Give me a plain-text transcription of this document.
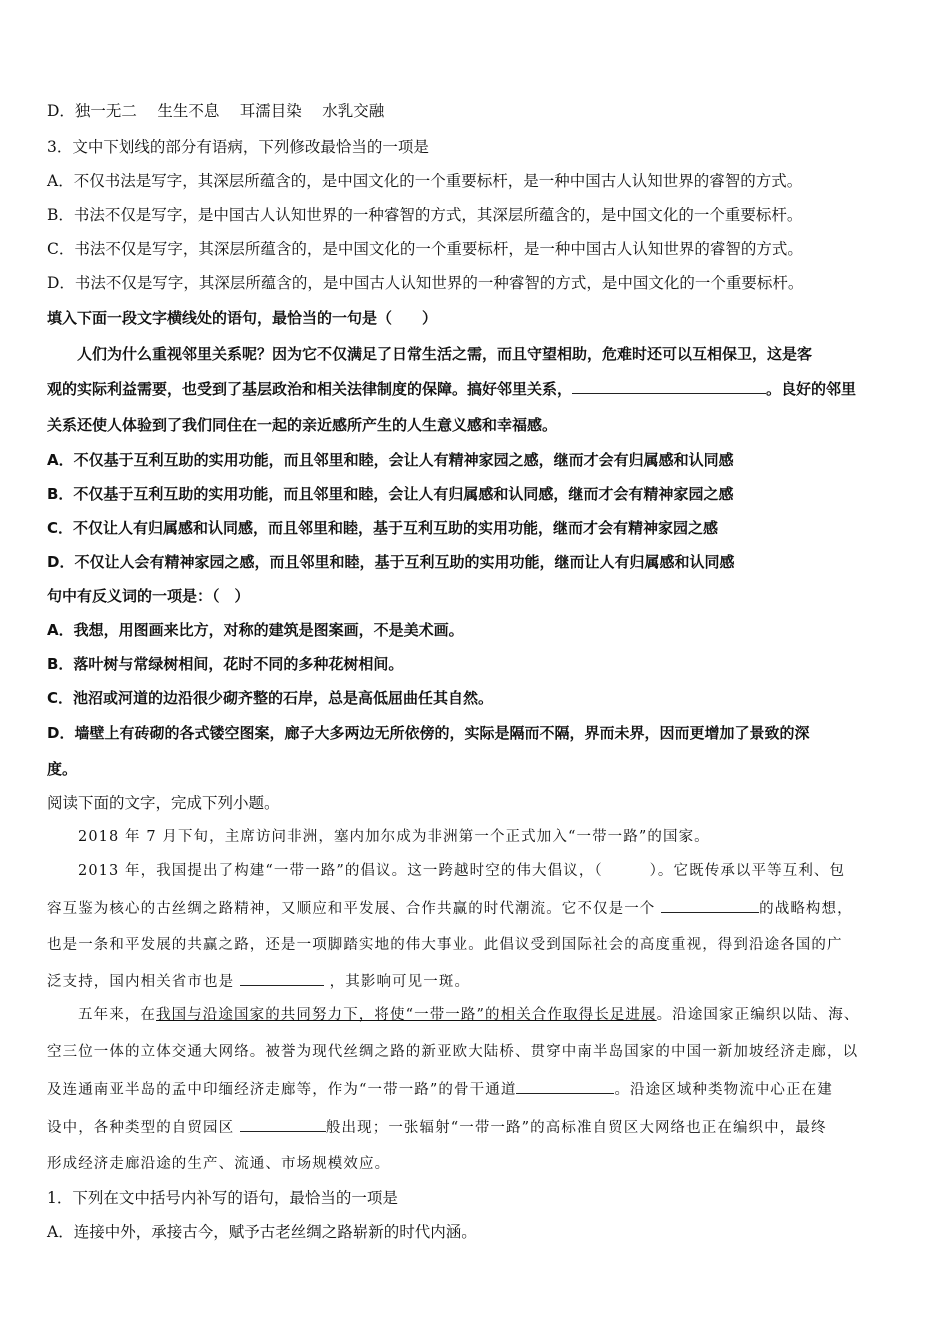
D．独一无二　 生生不息　 耳濡目染　 水乳交融
3．文中下划线的部分有语病，下列修改最恰当的一项是
A．不仅书法是写字，其深层所蕴含的，是中国文化的一个重要标杆，是一种中国古人认知世界的睿智的方式。
B．书法不仅是写字，是中国古人认知世界的一种睿智的方式，其深层所蕴含的，是中国文化的一个重要标杆。
C．书法不仅是写字，其深层所蕴含的，是中国文化的一个重要标杆，是一种中国古人认知世界的睿智的方式。
D．书法不仅是写字，其深层所蕴含的，是中国古人认知世界的一种睿智的方式，是中国文化的一个重要标杆。
填入下面一段文字横线处的语句，最恰当的一句是（　　）
人们为什么重视邻里关系呢？因为它不仅满足了日常生活之需，而且守望相助，危难时还可以互相保卫，这是客
观的实际利益需要，也受到了基层政治和相关法律制度的保障。搞好邻里关系，	。良好的邻里
关系还使人体验到了我们同住在一起的亲近感所产生的人生意义感和幸福感。
A．不仅基于互利互助的实用功能，而且邻里和睦，会让人有精神家园之感，继而才会有归属感和认同感
B．不仅基于互利互助的实用功能，而且邻里和睦，会让人有归属感和认同感，继而才会有精神家园之感
C．不仅让人有归属感和认同感，而且邻里和睦，基于互利互助的实用功能，继而才会有精神家园之感
D．不仅让人会有精神家园之感，而且邻里和睦，基于互利互助的实用功能，继而让人有归属感和认同感
句中有反义词的一项是：（　）
A．我想，用图画来比方，对称的建筑是图案画，不是美术画。
B．落叶树与常绿树相间，花时不同的多种花树相间。
C．池沼或河道的边沿很少砌齐整的石岸，总是高低屈曲任其自然。
D．墙壁上有砖砌的各式镂空图案，廊子大多两边无所依傍的，实际是隔而不隔，界而未界，因而更增加了景致的深
度。
阅读下面的文字，完成下列小题。
2018 年 7 月下旬，主席访问非洲，塞内加尔成为非洲第一个正式加入“一带一路”的国家。
2013 年，我国提出了构建“一带一路”的倡议。这一跨越时空的伟大倡议，（　　　）。它既传承以平等互利、包
容互鉴为核心的古丝绸之路精神，又顺应和平发展、合作共赢的时代潮流。它不仅是一个	的战略构想，
也是一条和平发展的共赢之路，还是一项脚踏实地的伟大事业。此倡议受到国际社会的高度重视，得到沿途各国的广
泛支持，国内相关省市也是	，其影响可见一斑。
五年来，在我国与沿途国家的共同努力下，将使“一带一路”的相关合作取得长足进展。沿途国家正编织以陆、海、
空三位一体的立体交通大网络。被誉为现代丝绸之路的新亚欧大陆桥、贯穿中南半岛国家的中国一新加坡经济走廊，以
及连通南亚半岛的孟中印缅经济走廊等，作为“一带一路”的骨干通道	。沿途区域种类物流中心正在建
设中，各种类型的自贸园区	般出现；一张辐射“一带一路”的高标准自贸区大网络也正在编织中，最终
形成经济走廊沿途的生产、流通、市场规模效应。
1．下列在文中括号内补写的语句，最恰当的一项是
A．连接中外，承接古今，赋予古老丝绸之路崭新的时代内涵。
